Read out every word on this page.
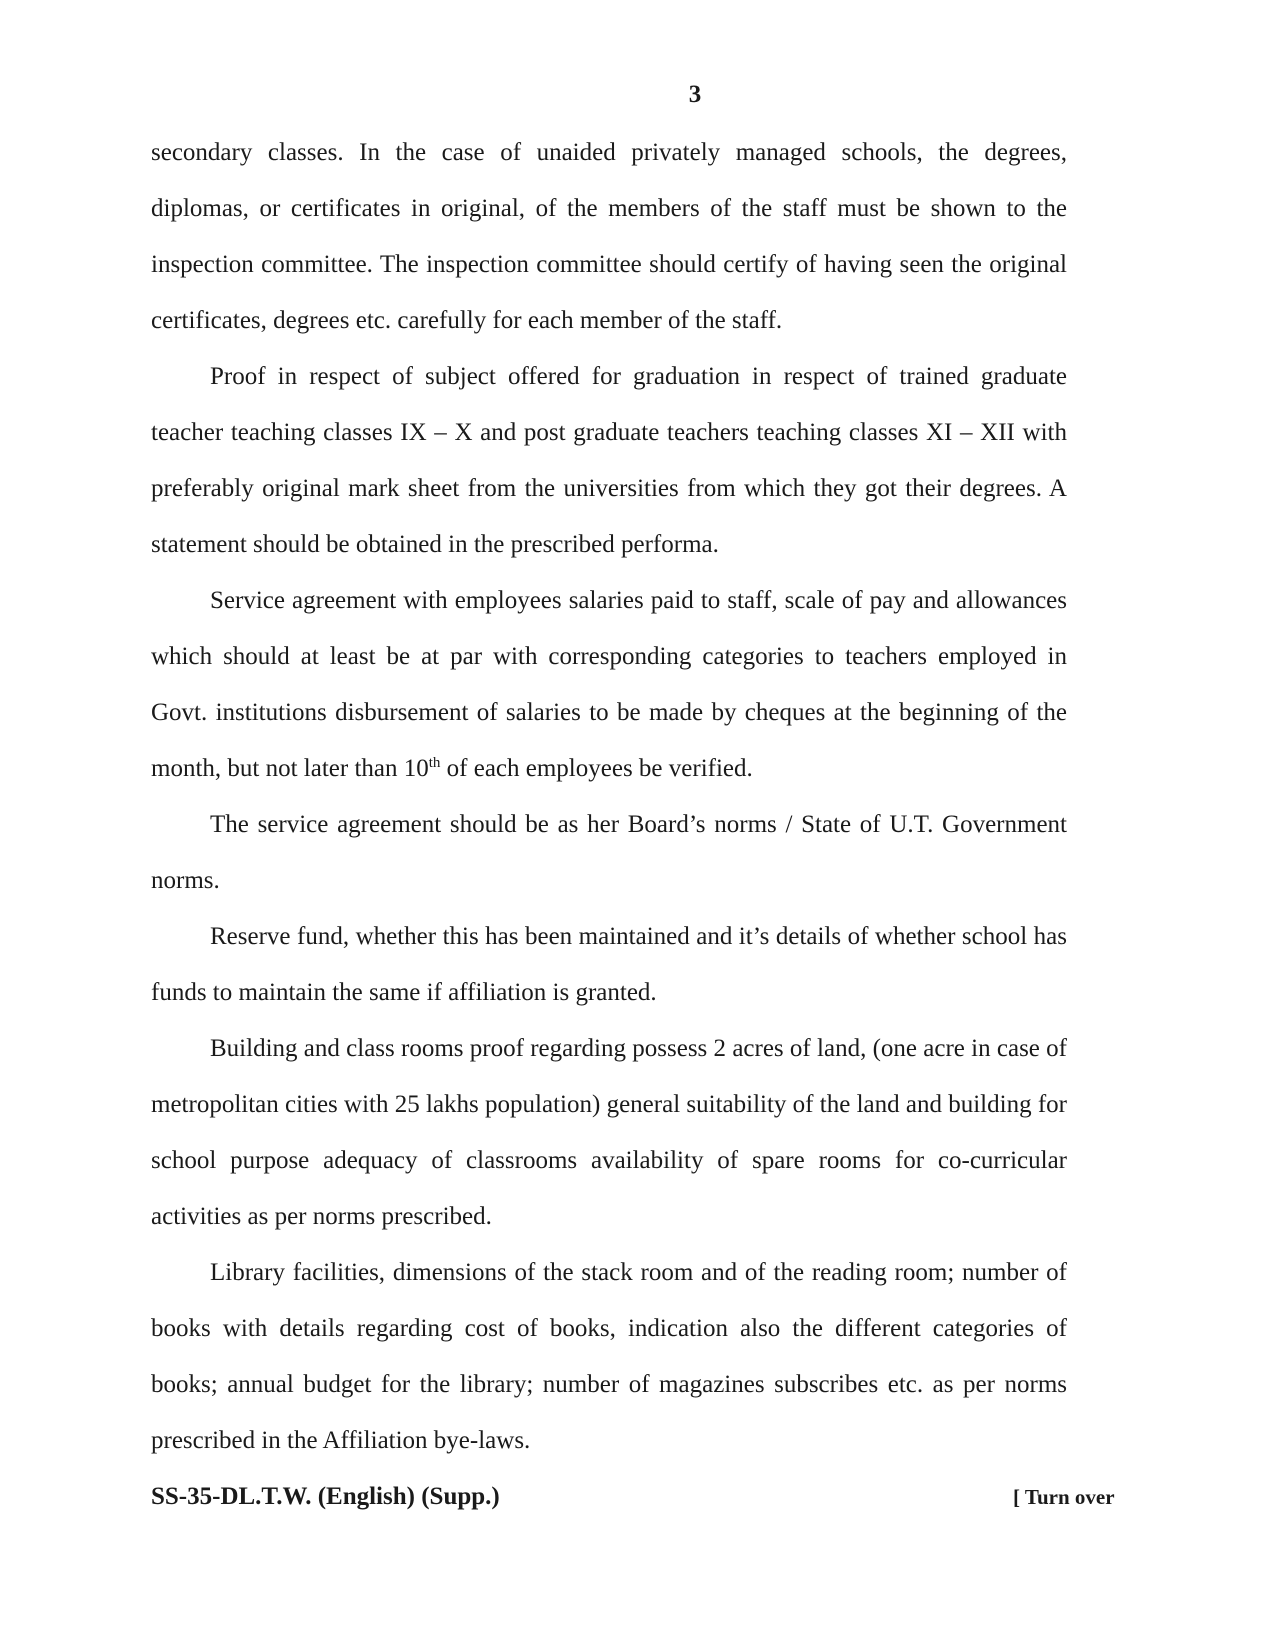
3

secondary classes. In the case of unaided privately managed schools, the degrees, diplomas, or certificates in original, of the members of the staff must be shown to the inspection committee. The inspection committee should certify of having seen the original certificates, degrees etc. carefully for each member of the staff.

Proof in respect of subject offered for graduation in respect of trained graduate teacher teaching classes IX – X and post graduate teachers teaching classes XI – XII with preferably original mark sheet from the universities from which they got their degrees. A statement should be obtained in the prescribed performa.

Service agreement with employees salaries paid to staff, scale of pay and allowances which should at least be at par with corresponding categories to teachers employed in Govt. institutions disbursement of salaries to be made by cheques at the beginning of the month, but not later than 10th of each employees be verified.

The service agreement should be as her Board’s norms / State of U.T. Government norms.

Reserve fund, whether this has been maintained and it’s details of whether school has funds to maintain the same if affiliation is granted.

Building and class rooms proof regarding possess 2 acres of land, (one acre in case of metropolitan cities with 25 lakhs population) general suitability of the land and building for school purpose adequacy of classrooms availability of spare rooms for co-curricular activities as per norms prescribed.

Library facilities, dimensions of the stack room and of the reading room; number of books with details regarding cost of books, indication also the different categories of books; annual budget for the library; number of magazines subscribes etc. as per norms prescribed in the Affiliation bye-laws.

SS-35-DL.T.W. (English) (Supp.)	[ Turn over
